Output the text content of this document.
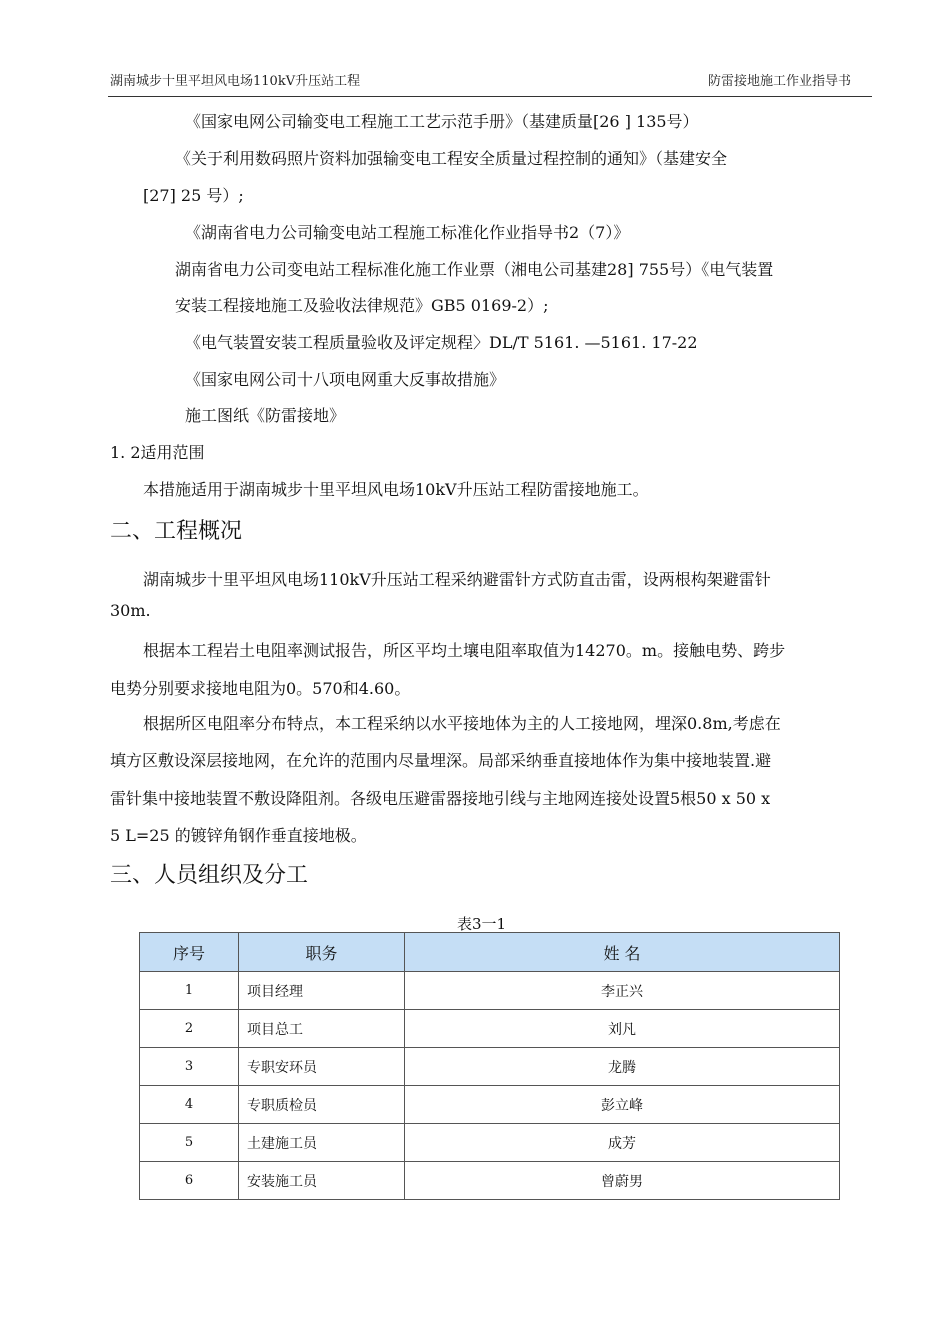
湖南城步十里平坦风电场110kV升压站工程	防雷接地施工作业指导书
《国家电网公司输变电工程施工工艺示范手册》（基建质量[26 ] 135号）
《关于利用数码照片资料加强输变电工程安全质量过程控制的通知》（基建安全
[27] 25 号）;
《湖南省电力公司输变电站工程施工标准化作业指导书2（7）》
湖南省电力公司变电站工程标准化施工作业票（湘电公司基建28] 755号）《电气装置
安装工程接地施工及验收法律规范》GB5 0169-2）;
《电气装置安装工程质量验收及评定规程〉DL/T 5161. —5161. 17-22
《国家电网公司十八项电网重大反事故措施》
施工图纸《防雷接地》
1. 2适用范围
本措施适用于湖南城步十里平坦风电场10kV升压站工程防雷接地施工。
二、工程概况
湖南城步十里平坦风电场110kV升压站工程采纳避雷针方式防直击雷，设两根构架避雷针
30m.
根据本工程岩土电阻率测试报告，所区平均土壤电阻率取值为14270。m。接触电势、跨步
电势分别要求接地电阻为0。570和4.60。
根据所区电阻率分布特点，本工程采纳以水平接地体为主的人工接地网，埋深0.8m,考虑在
填方区敷设深层接地网，在允许的范围内尽量埋深。局部采纳垂直接地体作为集中接地装置.避
雷针集中接地装置不敷设降阻剂。各级电压避雷器接地引线与主地网连接处设置5根50 x 50 x
5 L=25 的镀锌角钢作垂直接地极。
三、人员组织及分工
表3一1
序号	职务	姓 名
1	项目经理	李正兴
2	项目总工	刘凡
3	专职安环员	龙腾
4	专职质检员	彭立峰
5	土建施工员	成芳
6	安装施工员	曾蔚男
